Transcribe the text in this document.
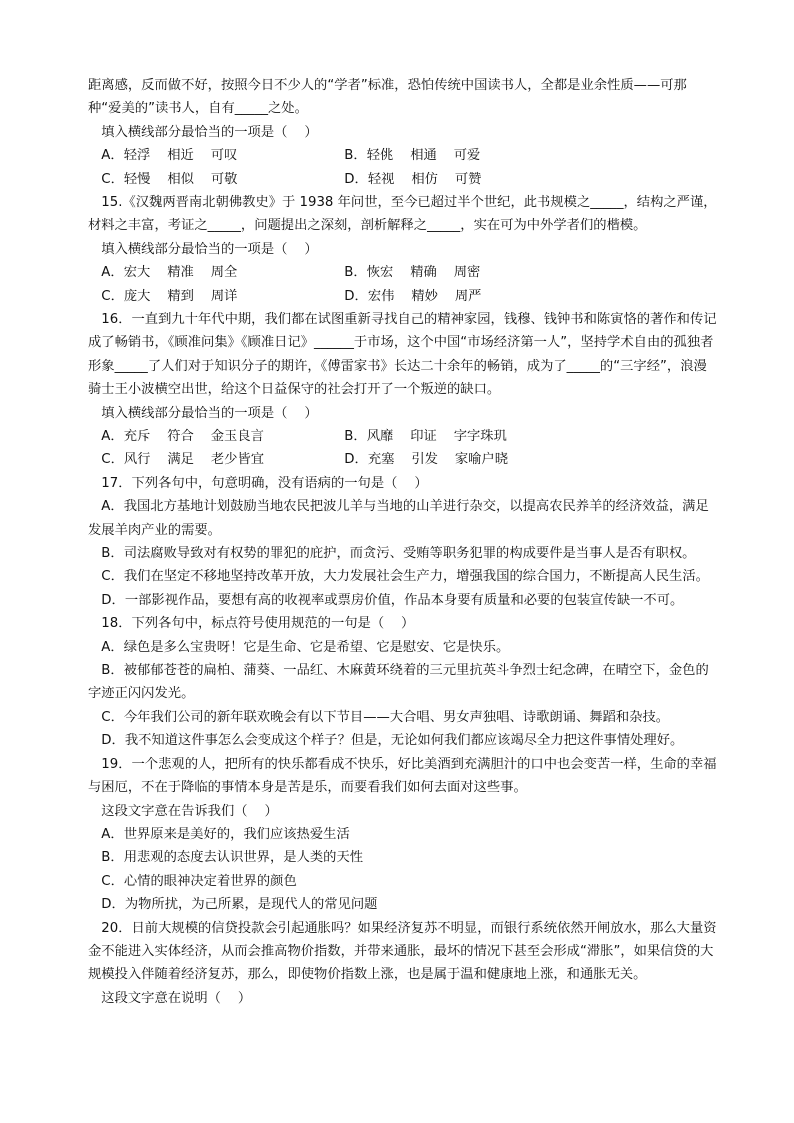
距离感，反而做不好，按照今日不少人的“学者”标准，恐怕传统中国读书人，全都是业余性质——可那种“爱美的”读书人，自有_____之处。

填入横线部分最恰当的一项是（    ）

A．轻浮    相近    可叹	B．轻佻    相通    可爱
C．轻慢    相似    可敬	D．轻视    相仿    可赞

15.《汉魏两晋南北朝佛教史》于 1938 年问世，至今已超过半个世纪，此书规模之_____，结构之严谨，材料之丰富，考证之_____，问题提出之深刻，剖析解释之_____，实在可为中外学者们的楷模。

填入横线部分最恰当的一项是（    ）

A．宏大    精准    周全	B．恢宏    精确    周密
C．庞大    精到    周详	D．宏伟    精妙    周严

16．一直到九十年代中期，我们都在试图重新寻找自己的精神家园，钱穆、钱钟书和陈寅恪的著作和传记成了畅销书，《顾准问集》《顾准日记》______于市场，这个中国“市场经济第一人”，坚持学术自由的孤独者形象_____了人们对于知识分子的期许，《傅雷家书》长达二十余年的畅销，成为了_____的“三字经”，浪漫骑士王小波横空出世，给这个日益保守的社会打开了一个叛逆的缺口。

填入横线部分最恰当的一项是（    ）

A．充斥    符合    金玉良言	B．风靡    印证    字字珠玑
C．风行    满足    老少皆宜	D．充塞    引发    家喻户晓

17．下列各句中，句意明确，没有语病的一句是（    ）

A．我国北方基地计划鼓励当地农民把波儿羊与当地的山羊进行杂交，以提高农民养羊的经济效益，满足发展羊肉产业的需要。

B．司法腐败导致对有权势的罪犯的庇护，而贪污、受贿等职务犯罪的构成要件是当事人是否有职权。

C．我们在坚定不移地坚持改革开放，大力发展社会生产力，增强我国的综合国力，不断提高人民生活。

D．一部影视作品，要想有高的收视率或票房价值，作品本身要有质量和必要的包装宣传缺一不可。

18．下列各句中，标点符号使用规范的一句是（    ）

A．绿色是多么宝贵呀！它是生命、它是希望、它是慰安、它是快乐。

B．被郁郁苍苍的扁柏、蒲葵、一品红、木麻黄环绕着的三元里抗英斗争烈士纪念碑，在晴空下，金色的字迹正闪闪发光。

C．今年我们公司的新年联欢晚会有以下节目——大合唱、男女声独唱、诗歌朗诵、舞蹈和杂技。

D．我不知道这件事怎么会变成这个样子？但是，无论如何我们都应该竭尽全力把这件事情处理好。

19．一个悲观的人，把所有的快乐都看成不快乐，好比美酒到充满胆汁的口中也会变苦一样，生命的幸福与困厄，不在于降临的事情本身是苦是乐，而要看我们如何去面对这些事。

这段文字意在告诉我们（    ）

A．世界原来是美好的，我们应该热爱生活

B．用悲观的态度去认识世界，是人类的天性

C．心情的眼神决定着世界的颜色

D．为物所扰，为己所累，是现代人的常见问题

20．日前大规模的信贷投款会引起通胀吗？如果经济复苏不明显，而银行系统依然开闸放水，那么大量资金不能进入实体经济，从而会推高物价指数，并带来通胀，最坏的情况下甚至会形成“滞胀”，如果信贷的大规模投入伴随着经济复苏，那么，即使物价指数上涨，也是属于温和健康地上涨，和通胀无关。

这段文字意在说明（    ）
